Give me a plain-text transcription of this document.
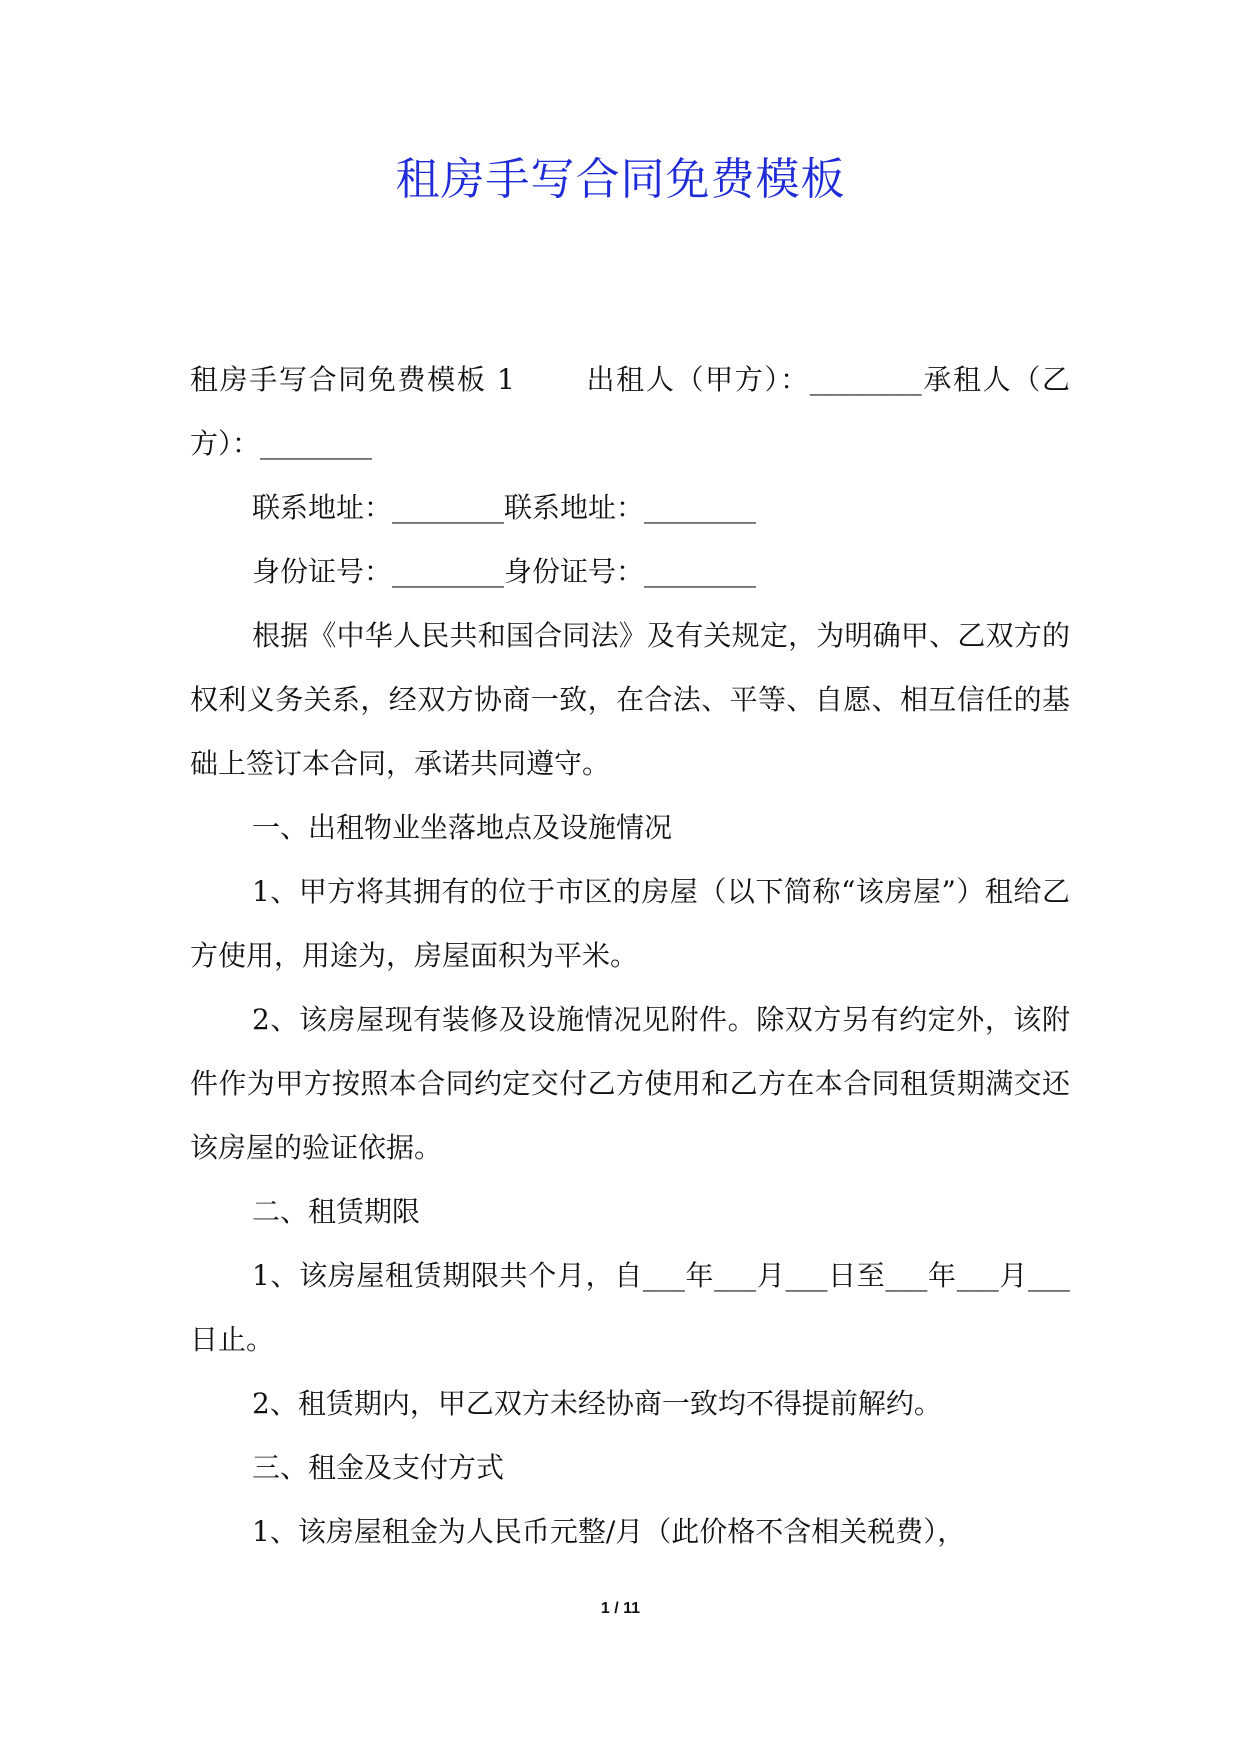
租房手写合同免费模板

租房手写合同免费模板 1	出租人（甲方）：________承租人（乙方）：________

联系地址：________联系地址：________

身份证号：________身份证号：________

根据《中华人民共和国合同法》及有关规定，为明确甲、乙双方的权利义务关系，经双方协商一致，在合法、平等、自愿、相互信任的基础上签订本合同，承诺共同遵守。

一、出租物业坐落地点及设施情况

1、甲方将其拥有的位于市区的房屋（以下简称“该房屋”）租给乙方使用，用途为，房屋面积为平米。

2、该房屋现有装修及设施情况见附件。除双方另有约定外，该附件作为甲方按照本合同约定交付乙方使用和乙方在本合同租赁期满交还该房屋的验证依据。

二、租赁期限

1、该房屋租赁期限共个月，自___年___月___日至___年___月___日止。

2、租赁期内，甲乙双方未经协商一致均不得提前解约。

三、租金及支付方式

1、该房屋租金为人民币元整/月（此价格不含相关税费），

1 / 11
